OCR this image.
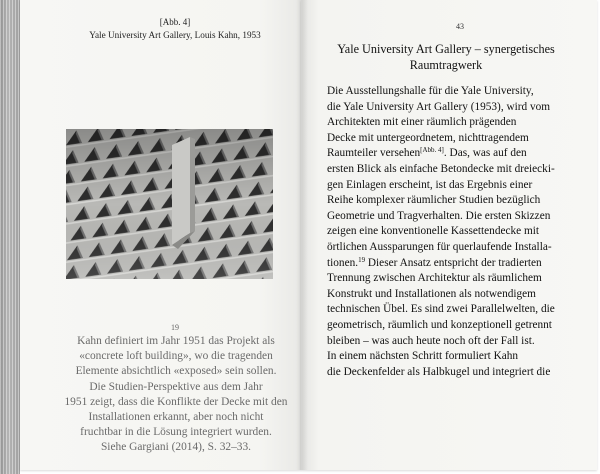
[Abb. 4]
Yale University Art Gallery, Louis Kahn, 1953
19
Kahn definiert im Jahr 1951 das Projekt als
«concrete loft building», wo die tragenden
Elemente absichtlich «exposed» sein sollen.
Die Studien-Perspektive aus dem Jahr
1951 zeigt, dass die Konflikte der Decke mit den
Installationen erkannt, aber noch nicht
fruchtbar in die Lösung integriert wurden.
Siehe Gargiani (2014), S. 32–33.
43
Yale University Art Gallery – synergetisches
Raumtragwerk
Die Ausstellungshalle für die Yale University,
die Yale University Art Gallery (1953), wird vom
Architekten mit einer räumlich prägenden
Decke mit untergeordnetem, nichttragendem
Raumteiler versehen[Abb. 4]. Das, was auf den
ersten Blick als einfache Betondecke mit dreiecki-
gen Einlagen erscheint, ist das Ergebnis einer
Reihe komplexer räumlicher Studien bezüglich
Geometrie und Tragverhalten. Die ersten Skizzen
zeigen eine konventionelle Kassettendecke mit
örtlichen Aussparungen für querlaufende Installa-
tionen.$^{19}$ Dieser Ansatz entspricht der tradierten
Trennung zwischen Architektur als räumlichem
Konstrukt und Installationen als notwendigem
technischen Übel. Es sind zwei Parallelwelten, die
geometrisch, räumlich und konzeptionell getrennt
bleiben – was auch heute noch oft der Fall ist.
In einem nächsten Schritt formuliert Kahn
die Deckenfelder als Halbkugel und integriert die
